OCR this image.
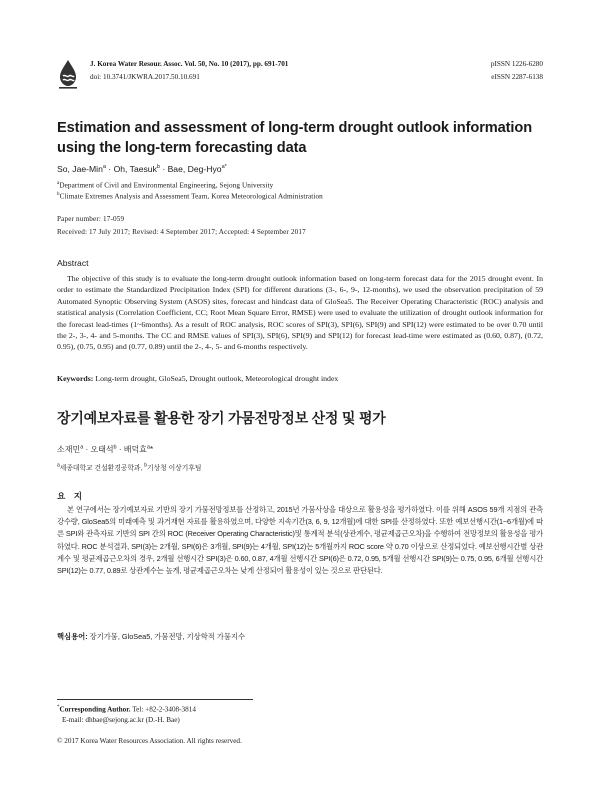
J. Korea Water Resour. Assoc. Vol. 50, No. 10 (2017), pp. 691-701
doi: 10.3741/JKWRA.2017.50.10.691
pISSN 1226-6280
eISSN 2287-6138
Estimation and assessment of long-term drought outlook information using the long-term forecasting data
So, Jae-Min$^a$ · Oh, Taesuk$^b$ · Bae, Deg-Hyo$^{a*}$
$^a$Department of Civil and Environmental Engineering, Sejong University
$^b$Climate Extremes Analysis and Assessment Team, Korea Meteorological Administration
Paper number: 17-059
Received: 17 July 2017; Revised: 4 September 2017; Accepted: 4 September 2017
Abstract

The objective of this study is to evaluate the long-term drought outlook information based on long-term forecast data for the 2015 drought event. In order to estimate the Standardized Precipitation Index (SPI) for different durations (3-, 6-, 9-, 12-months), we used the observation precipitation of 59 Automated Synoptic Observing System (ASOS) sites, forecast and hindcast data of GloSea5. The Receiver Operating Characteristic (ROC) analysis and statistical analysis (Correlation Coefficient, CC; Root Mean Square Error, RMSE) were used to evaluate the utilization of drought outlook information for the forecast lead-times (1~6months). As a result of ROC analysis, ROC scores of SPI(3), SPI(6), SPI(9) and SPI(12) were estimated to be over 0.70 until the 2-, 3-, 4- and 5-months. The CC and RMSE values of SPI(3), SPI(6), SPI(9) and SPI(12) for forecast lead-time were estimated as (0.60, 0.87), (0.72, 0.95), (0.75, 0.95) and (0.77, 0.89) until the 2-, 4-, 5- and 6-months respectively.

Keywords: Long-term drought, GloSea5, Drought outlook, Meteorological drought index
장기예보자료를 활용한 장기 가뭄전망정보 산정 및 평가
소재민$^a$ · 오태석$^b$ · 배덕효$^a$*
$^a$세종대학교 건설환경공학과, $^b$기상청 이상기후팀
요 지

본 연구에서는 장기예보자료 기반의 장기 가뭄전망정보를 산정하고, 2015년 가뭄사상을 대상으로 활용성을 평가하였다. 이를 위해 ASOS 59개 지점의 관측강수량, GloSea5의 미래예측 및 과거재현 자료를 활용하였으며, 다양한 지속기간(3, 6, 9, 12개월)에 대한 SPI를 산정하였다. 또한 예보선행시간(1~6개월)에 따른 SPI와 관측자료 기반의 SPI 간의 ROC (Receiver Operating Characteristic)및 통계적 분석(상관계수, 평균제곱근오차)을 수행하여 전망정보의 활용성을 평가하였다. ROC 분석결과, SPI(3)는 2개월, SPI(6)은 3개월, SPI(9)는 4개월, SPI(12)는 5개월까지 ROC score 약 0.70 이상으로 산정되었다. 예보선행시간별 상관계수 및 평균제곱근오차의 경우, 2개월 선행시간 SPI(3)은 0.60, 0.87, 4개월 선행시간 SPI(6)은 0.72, 0.95, 5개월 선행시간 SPI(9)는 0.75, 0.95, 6개월 선행시간 SPI(12)는 0.77, 0.89로 상관계수는 높게, 평균제곱근오차는 낮게 산정되어 활용성이 있는 것으로 판단된다.

핵심용어: 장기가뭄, GloSea5, 가뭄전망, 기상학적 가뭄지수
*Corresponding Author. Tel: +82-2-3408-3814
E-mail: dhbae@sejong.ac.kr (D.-H. Bae)
© 2017 Korea Water Resources Association. All rights reserved.
